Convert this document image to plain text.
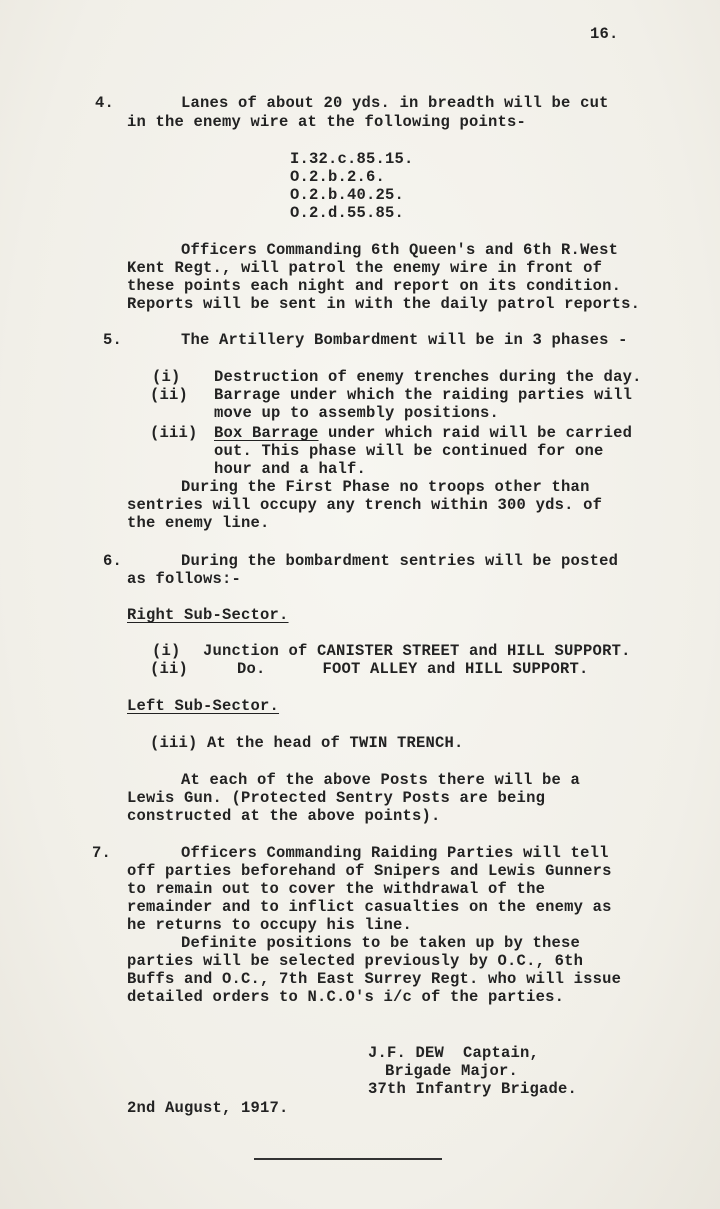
16.
4.	Lanes of about 20 yds. in breadth will be cut
in the enemy wire at the following points-
I.32.c.85.15.
O.2.b.2.6.
O.2.b.40.25.
O.2.d.55.85.
Officers Commanding 6th Queen's and 6th R.West
Kent Regt., will patrol the enemy wire in front of
these points each night and report on its condition.
Reports will be sent in with the daily patrol reports.
5.	The Artillery Bombardment will be in 3 phases -
(i) Destruction of enemy trenches during the day.
(ii) Barrage under which the raiding parties will
move up to assembly positions.
(iii) Box Barrage under which raid will be carried
out. This phase will be continued for one
hour and a half.
During the First Phase no troops other than
sentries will occupy any trench within 300 yds. of
the enemy line.
6.	During the bombardment sentries will be posted
as follows:-
Right Sub-Sector.
(i) Junction of CANISTER STREET and HILL SUPPORT.
(ii)	Do.      FOOT ALLEY and HILL SUPPORT.
Left Sub-Sector.
(iii) At the head of TWIN TRENCH.
At each of the above Posts there will be a
Lewis Gun. (Protected Sentry Posts are being
constructed at the above points).
7.	Officers Commanding Raiding Parties will tell
off parties beforehand of Snipers and Lewis Gunners
to remain out to cover the withdrawal of the
remainder and to inflict casualties on the enemy as
he returns to occupy his line.
Definite positions to be taken up by these
parties will be selected previously by O.C., 6th
Buffs and O.C., 7th East Surrey Regt. who will issue
detailed orders to N.C.O's i/c of the parties.
J.F. DEW  Captain,
Brigade Major.
37th Infantry Brigade.
2nd August, 1917.
